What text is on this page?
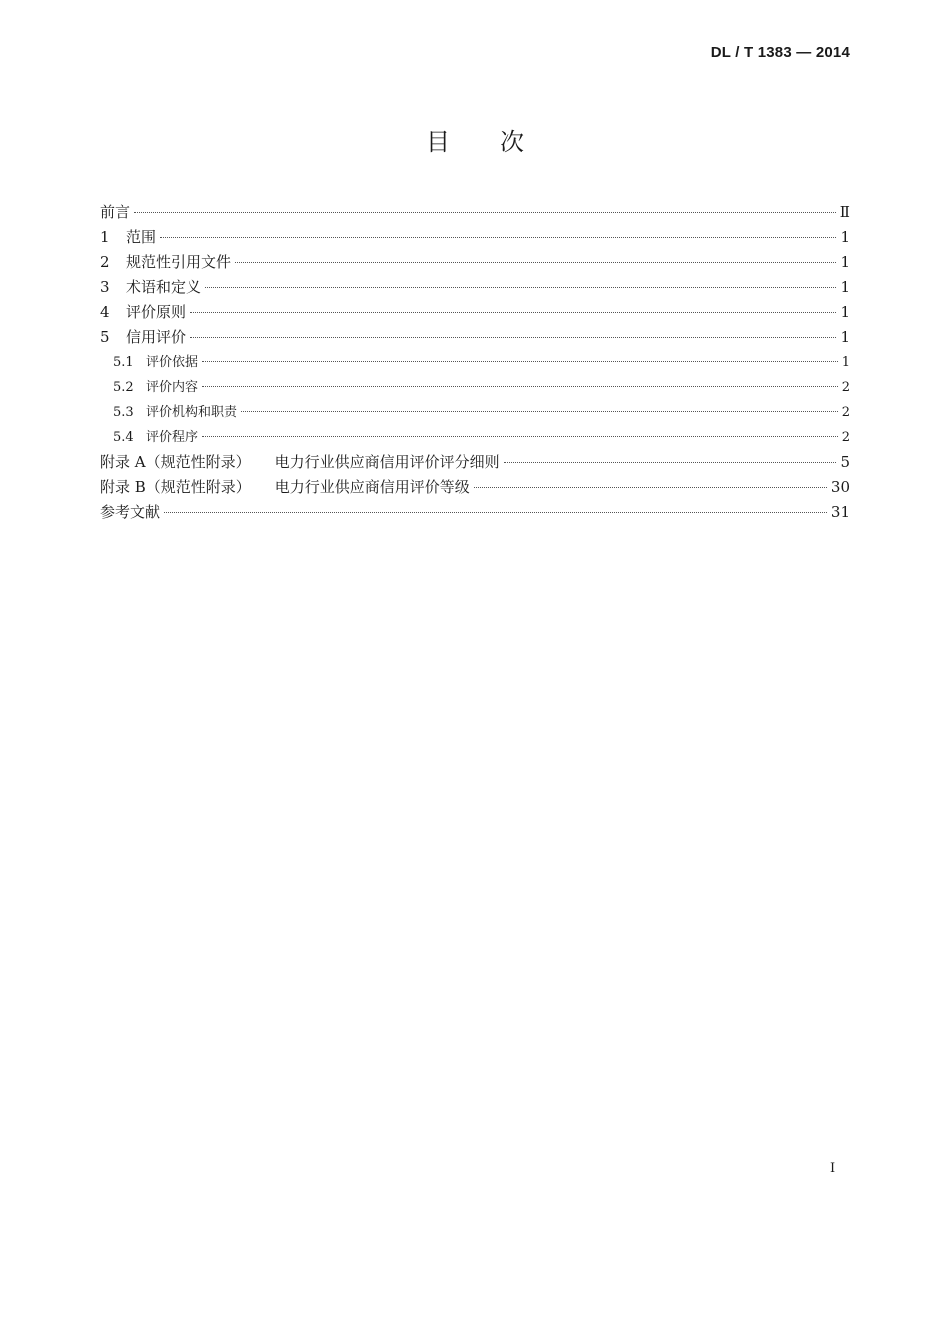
DL / T 1383 — 2014
目次
前言	Ⅱ
1	范围	1
2	规范性引用文件	1
3	术语和定义	1
4	评价原则	1
5	信用评价	1
5.1 评价依据	1
5.2 评价内容	2
5.3 评价机构和职责	2
5.4 评价程序	2
附录 A（规范性附录） 电力行业供应商信用评价评分细则	5
附录 B（规范性附录） 电力行业供应商信用评价等级	30
参考文献	31
I
